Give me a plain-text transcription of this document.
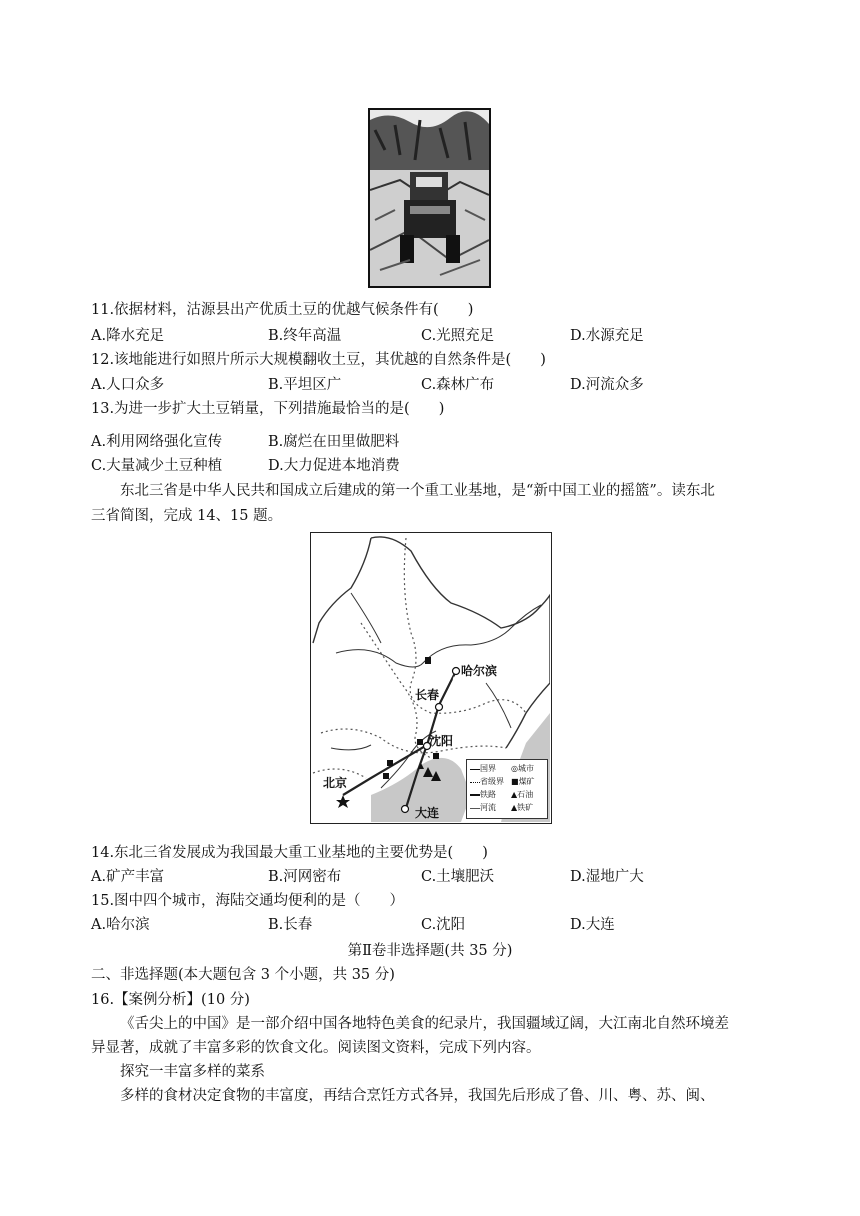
11.依据材料，沽源县出产优质土豆的优越气候条件有(　　)
A.降水充足	B.终年高温	C.光照充足	D.水源充足
12.该地能进行如照片所示大规模翻收土豆，其优越的自然条件是(　　)
A.人口众多	B.平坦区广	C.森林广布	D.河流众多
13.为进一步扩大土豆销量，下列措施最恰当的是(　　)
A.利用网络强化宣传	B.腐烂在田里做肥料
C.大量减少土豆种植	D.大力促进本地消费
东北三省是中华人民共和国成立后建成的第一个重工业基地，是“新中国工业的摇篮”。读东北
三省简图，完成 14、15 题。
哈尔滨
长春
沈阳
北京
大连
国界 ◎城市
省级界 ■煤矿
铁路 ▲石油
河流 ▲铁矿
14.东北三省发展成为我国最大重工业基地的主要优势是(　　)
A.矿产丰富	B.河网密布	C.土壤肥沃	D.湿地广大
15.图中四个城市，海陆交通均便利的是（　　）
A.哈尔滨	B.长春	C.沈阳	D.大连
第Ⅱ卷非选择题(共 35 分)
二、非选择题(本大题包含 3 个小题，共 35 分)
16.【案例分析】(10 分)
《舌尖上的中国》是一部介绍中国各地特色美食的纪录片，我国疆域辽阔，大江南北自然环境差
异显著，成就了丰富多彩的饮食文化。阅读图文资料，完成下列内容。
探究一丰富多样的菜系
多样的食材决定食物的丰富度，再结合烹饪方式各异，我国先后形成了鲁、川、粤、苏、闽、
